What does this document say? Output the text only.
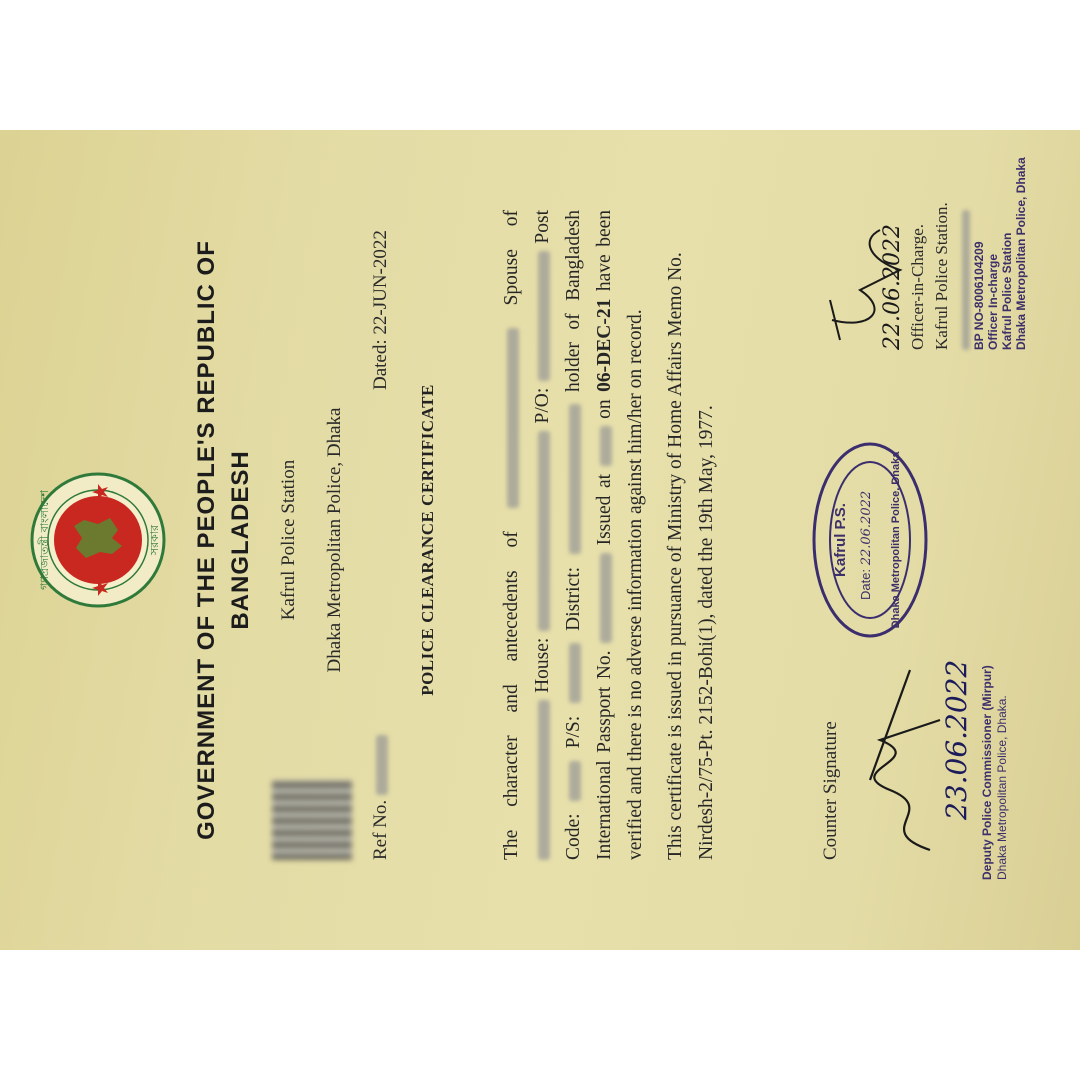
গণপ্রজাতন্ত্রী বাংলাদেশ	সরকার GOVERNMENT OF THE PEOPLE'S REPUBLIC OF BANGLADESH Kafrul Police Station Dhaka Metropolitan Police, Dhaka
Ref No.
Dated: 22-JUN-2022
POLICE CLEARANCE CERTIFICATE	The character and antecedents of  Spouse of  House:  P/O:  Post Code:  P/S:  District:  holder of Bangladesh International Passport No.  Issued at  on 06-DEC-21 have been verified and there is no adverse information against him/her on record. This certificate is issued in pursuance of Ministry of Home Affairs Memo No. Nirdesh-2/75-Pt. 2152-Bohi(1), dated the 19th May, 1977.	Counter Signature	23.06.2022 Deputy Police Commissioner (Mirpur) Dhaka Metropolitan Police, Dhaka.
Kafrul P.S.
Date: 22.06.2022 Dhaka Metropolitan Police, Dhaka
22.06.2022 Officer-in-Charge. Kafrul Police Station. BP NO-8006104209 Officer In-charge Kafrul Police Station Dhaka Metropolitan Police, Dhaka
